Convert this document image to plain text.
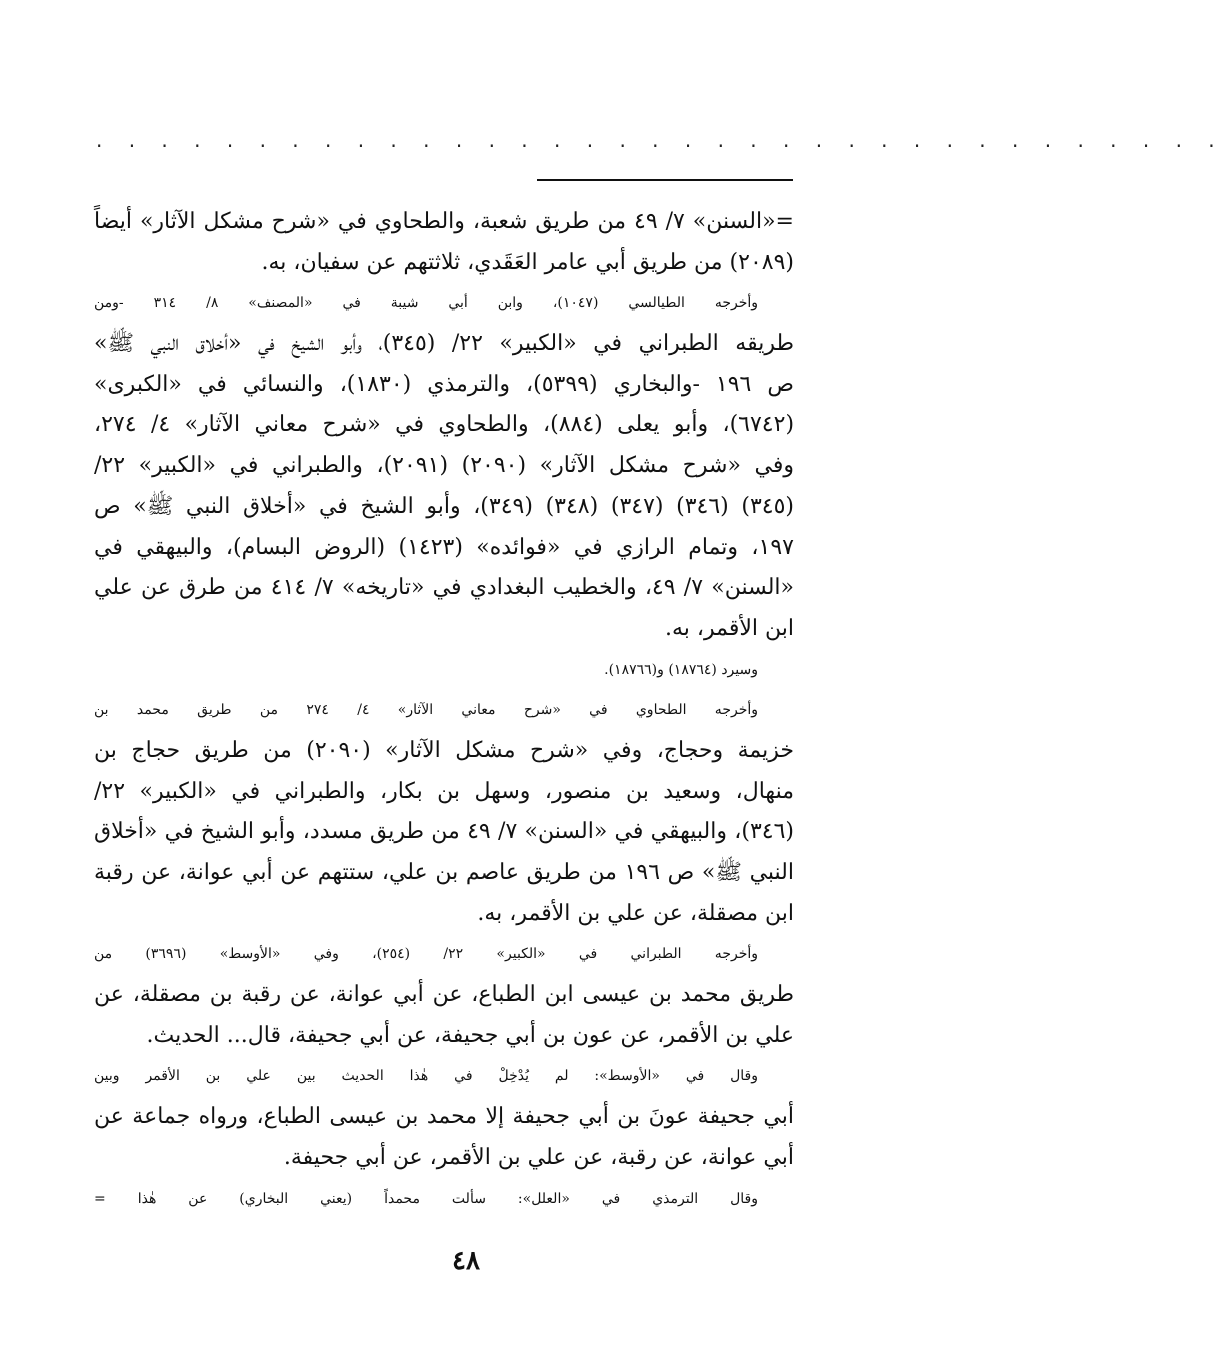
. . . . . . . . . . . . . . . . . . . . . . . . . . . . . . . . . . .
=«السنن» ٧/ ٤٩ من طريق شعبة، والطحاوي في «شرح مشكل الآثار» أيضاً
(٢٠٨٩) من طريق أبي عامر العَقَدي، ثلاثتهم عن سفيان، به.
وأخرجه الطيالسي (١٠٤٧)، وابن أبي شيبة في «المصنف» ٨/ ٣١٤ -ومن
طريقه الطبراني في «الكبير» ٢٢/ (٣٤٥)، وأبو الشيخ في «أخلاق النبي ﷺ»
ص ١٩٦ -والبخاري (٥٣٩٩)، والترمذي (١٨٣٠)، والنسائي في «الكبرى»
(٦٧٤٢)، وأبو يعلى (٨٨٤)، والطحاوي في «شرح معاني الآثار» ٤/ ٢٧٤،
وفي «شرح مشكل الآثار» (٢٠٩٠) (٢٠٩١)، والطبراني في «الكبير» ٢٢/
(٣٤٥) (٣٤٦) (٣٤٧) (٣٤٨) (٣٤٩)، وأبو الشيخ في «أخلاق النبي ﷺ» ص
١٩٧، وتمام الرازي في «فوائده» (١٤٢٣) (الروض البسام)، والبيهقي في
«السنن» ٧/ ٤٩، والخطيب البغدادي في «تاريخه» ٧/ ٤١٤ من طرق عن علي
ابن الأقمر، به.
وسيرد (١٨٧٦٤) و(١٨٧٦٦).
وأخرجه الطحاوي في «شرح معاني الآثار» ٤/ ٢٧٤ من طريق محمد بن
خزيمة وحجاج، وفي «شرح مشكل الآثار» (٢٠٩٠) من طريق حجاج بن
منهال، وسعيد بن منصور، وسهل بن بكار، والطبراني في «الكبير» ٢٢/
(٣٤٦)، والبيهقي في «السنن» ٧/ ٤٩ من طريق مسدد، وأبو الشيخ في «أخلاق
النبي ﷺ» ص ١٩٦ من طريق عاصم بن علي، ستتهم عن أبي عوانة، عن رقبة
ابن مصقلة، عن علي بن الأقمر، به.
وأخرجه الطبراني في «الكبير» ٢٢/ (٢٥٤)، وفي «الأوسط» (٣٦٩٦) من
طريق محمد بن عيسى ابن الطباع، عن أبي عوانة، عن رقبة بن مصقلة، عن
علي بن الأقمر، عن عون بن أبي جحيفة، عن أبي جحيفة، قال... الحديث.
وقال في «الأوسط»: لم يُدْخِلْ في هٰذا الحديث بين علي بن الأقمر وبين
أبي جحيفة عونَ بن أبي جحيفة إلا محمد بن عيسى الطباع، ورواه جماعة عن
أبي عوانة، عن رقبة، عن علي بن الأقمر، عن أبي جحيفة.
وقال الترمذي في «العلل»: سألت محمداً (يعني البخاري) عن هٰذا =
٤٨
